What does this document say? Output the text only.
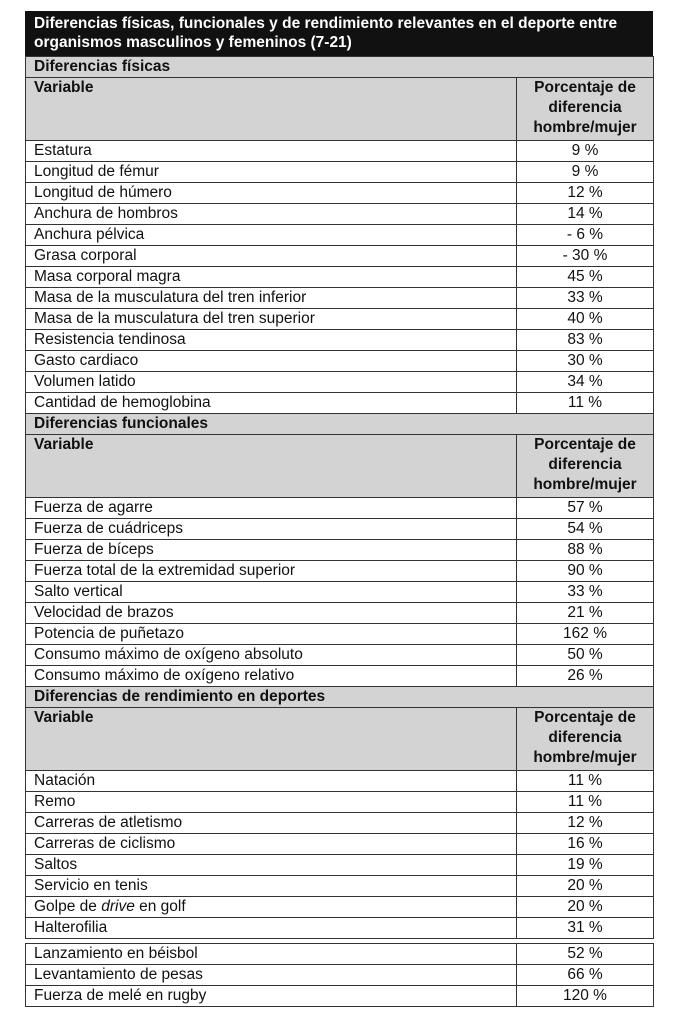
Diferencias físicas, funcionales y de rendimiento relevantes en el deporte entre organismos masculinos y femeninos (7-21)
Diferencias físicas	
Variable	Porcentaje de diferencia hombre/mujer
Estatura	9 %
Longitud de fémur	9 %
Longitud de húmero	12 %
Anchura de hombros	14 %
Anchura pélvica	- 6 %
Grasa corporal	- 30 %
Masa corporal magra	45 %
Masa de la musculatura del tren inferior	33 %
Masa de la musculatura del tren superior	40 %
Resistencia tendinosa	83 %
Gasto cardiaco	30 %
Volumen latido	34 %
Cantidad de hemoglobina	11 %
Diferencias funcionales	
Variable	Porcentaje de diferencia hombre/mujer
Fuerza de agarre	57 %
Fuerza de cuádriceps	54 %
Fuerza de bíceps	88 %
Fuerza total de la extremidad superior	90 %
Salto vertical	33 %
Velocidad de brazos	21 %
Potencia de puñetazo	162 %
Consumo máximo de oxígeno absoluto	50 %
Consumo máximo de oxígeno relativo	26 %
Diferencias de rendimiento en deportes	
Variable	Porcentaje de diferencia hombre/mujer
Natación	11 %
Remo	11 %
Carreras de atletismo	12 %
Carreras de ciclismo	16 %
Saltos	19 %
Servicio en tenis	20 %
Golpe de drive en golf	20 %
Halterofilia	31 %
Lanzamiento en béisbol	52 %
Levantamiento de pesas	66 %
Fuerza de melé en rugby	120 %
